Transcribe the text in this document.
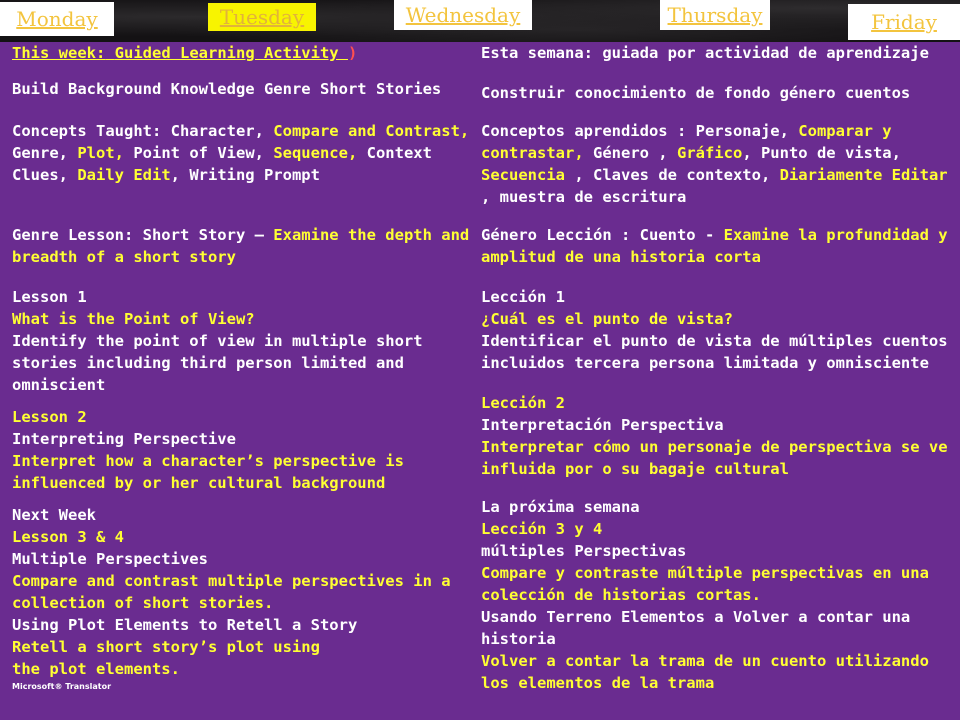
Monday	Tuesday	Wednesday	Thursday	Friday

This week: Guided Learning Activity )

Build Background Knowledge Genre Short Stories

Concepts Taught: Character, Compare and Contrast, Genre, Plot, Point of View, Sequence, Context Clues, Daily Edit, Writing Prompt

Genre Lesson: Short Story – Examine the depth and breadth of a short story

Lesson 1
What is the Point of View?
Identify the point of view in multiple short stories including third person limited and omniscient
Lesson 2
Interpreting Perspective
Interpret how a character’s perspective is influenced by or her cultural background
Next Week
Lesson 3 & 4
Multiple Perspectives
Compare and contrast multiple perspectives in a collection of short stories.
Using Plot Elements to Retell a Story
Retell a short story’s plot using the plot elements.
Microsoft® Translator

Esta semana: guiada por actividad de aprendizaje

Construir conocimiento de fondo género cuentos

Conceptos aprendidos : Personaje, Comparar y contrastar, Género , Gráfico, Punto de vista, Secuencia , Claves de contexto, Diariamente Editar , muestra de escritura

Género Lección : Cuento - Examine la profundidad y amplitud de una historia corta

Lección 1
¿Cuál es el punto de vista?
Identificar el punto de vista de múltiples cuentos incluidos tercera persona limitada y omnisciente
Lección 2
Interpretación Perspectiva
Interpretar cómo un personaje de perspectiva se ve influida por o su bagaje cultural
La próxima semana
Lección 3 y 4
múltiples Perspectivas
Compare y contraste múltiple perspectivas en una colección de historias cortas.
Usando Terreno Elementos a Volver a contar una historia
Volver a contar la trama de un cuento utilizando los elementos de la trama
